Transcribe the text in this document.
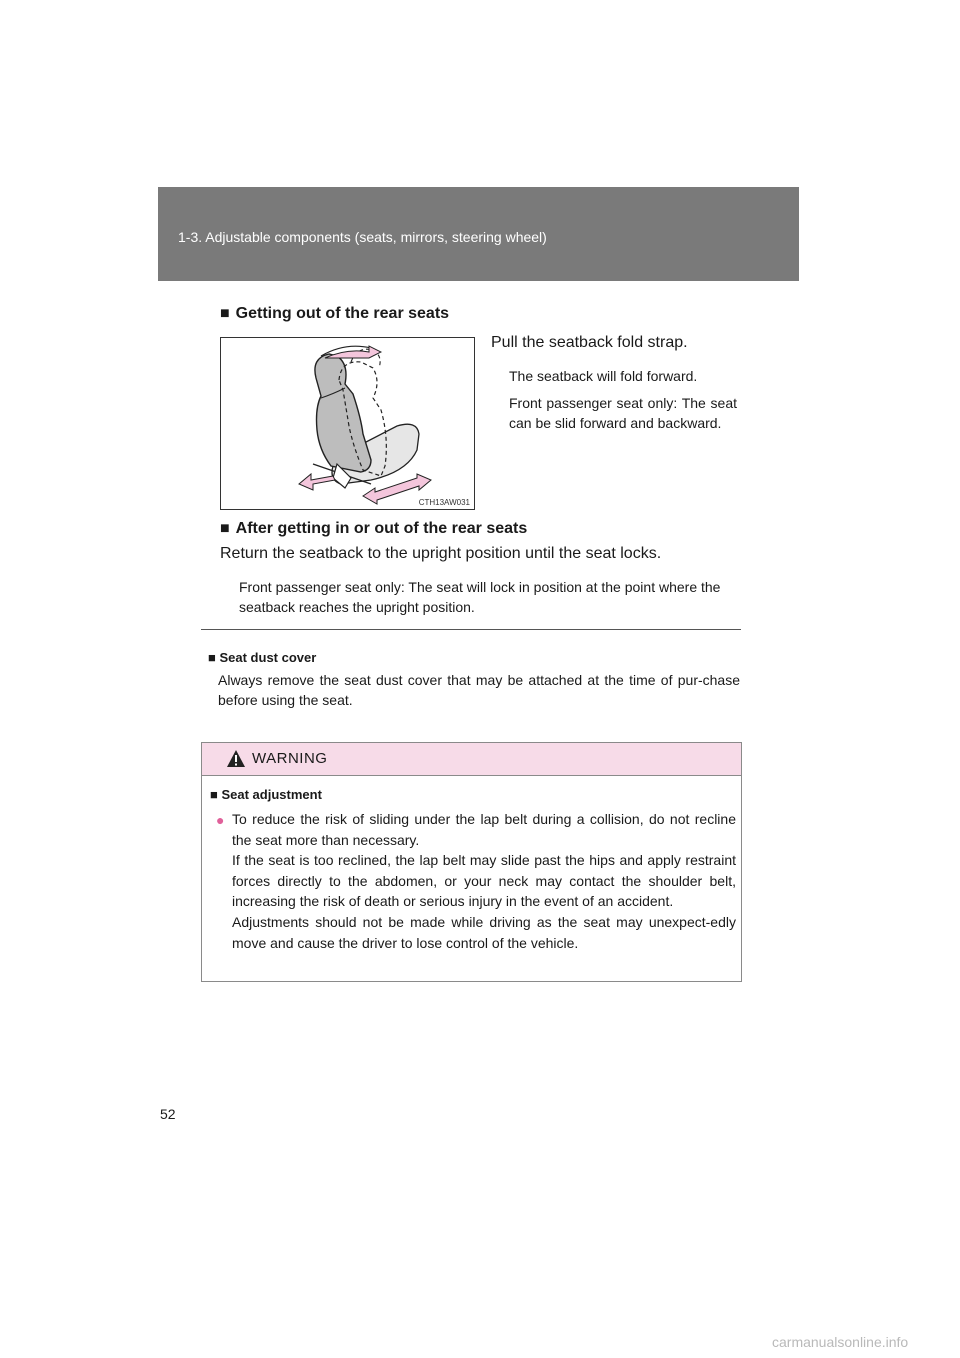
1-3. Adjustable components (seats, mirrors, steering wheel)
■ Getting out of the rear seats
CTH13AW031
Pull the seatback fold strap.
The seatback will fold forward.
Front passenger seat only: The seat can be slid forward and backward.
■ After getting in or out of the rear seats
Return the seatback to the upright position until the seat locks.
Front passenger seat only: The seat will lock in position at the point where the seatback reaches the upright position.
■ Seat dust cover
Always remove the seat dust cover that may be attached at the time of pur-chase before using the seat.
WARNING
■ Seat adjustment
● To reduce the risk of sliding under the lap belt during a collision, do not recline the seat more than necessary.
If the seat is too reclined, the lap belt may slide past the hips and apply restraint forces directly to the abdomen, or your neck may contact the shoulder belt, increasing the risk of death or serious injury in the event of an accident.
Adjustments should not be made while driving as the seat may unexpect-edly move and cause the driver to lose control of the vehicle.
52
carmanualsonline.info
